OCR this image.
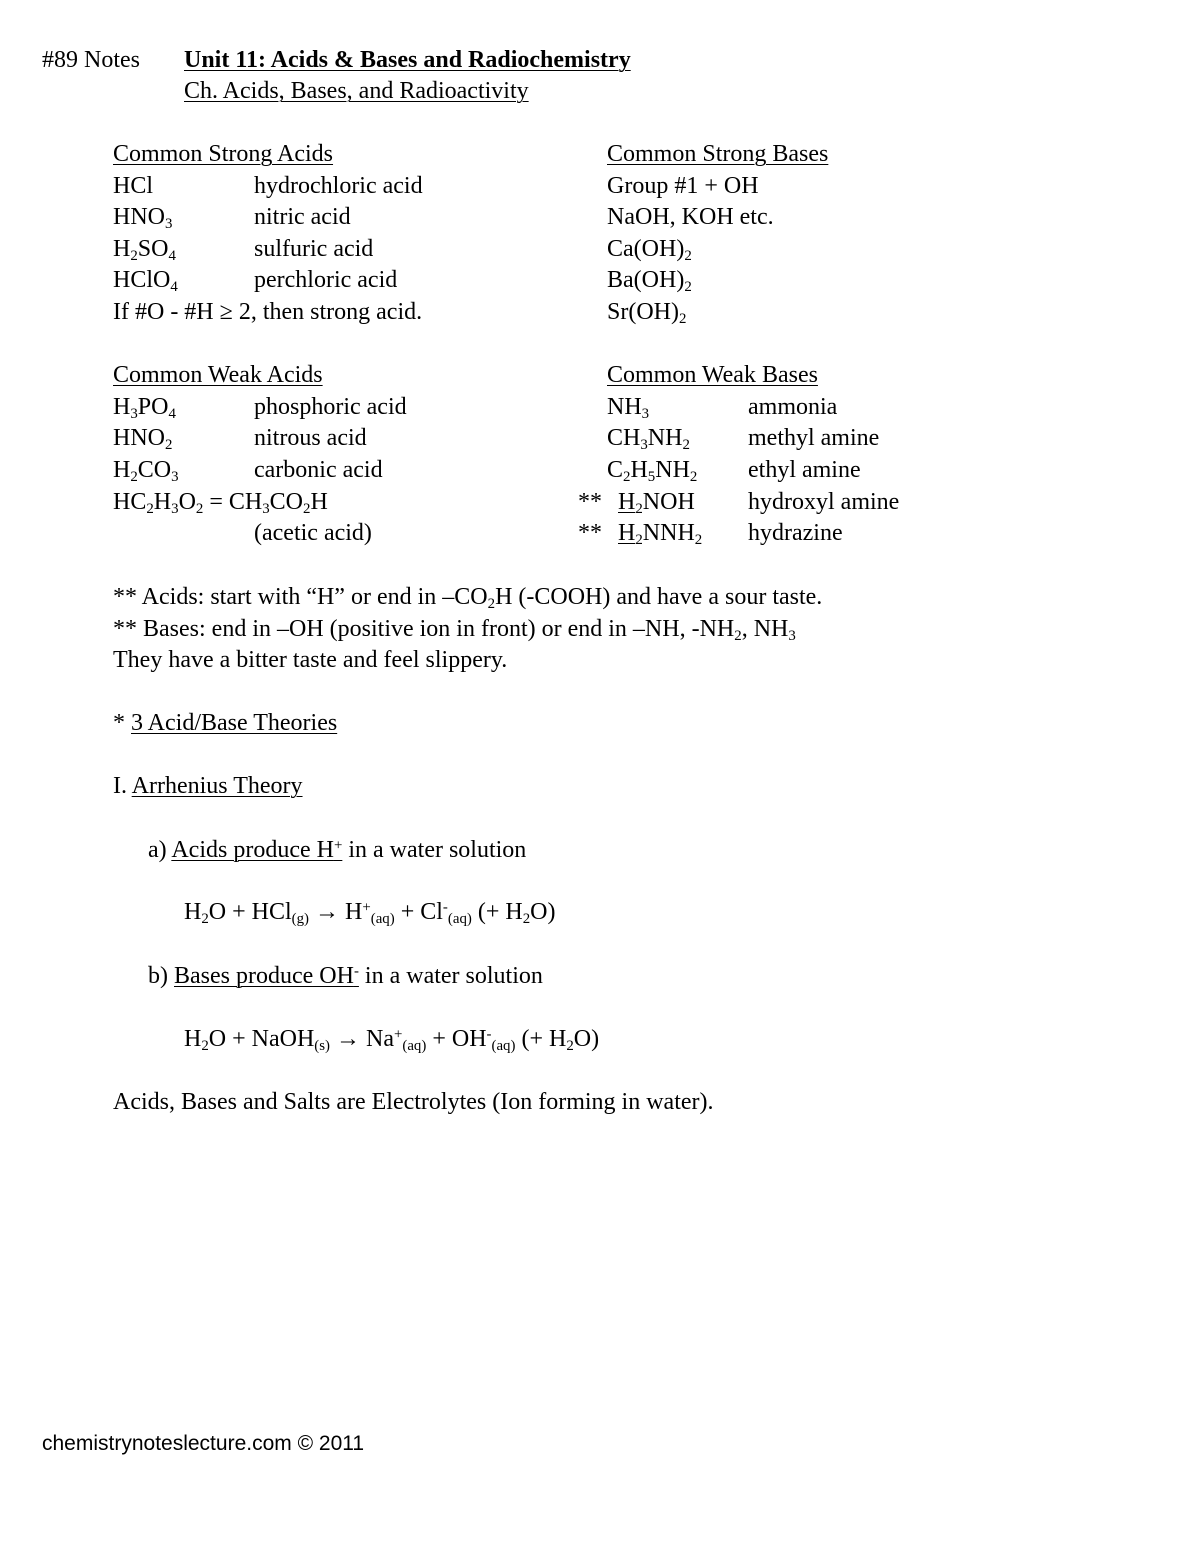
#89 Notes Unit 11: Acids & Bases and Radiochemistry
Ch. Acids, Bases, and Radioactivity
Common Strong Acids
HCl	hydrochloric acid
$HNO_3$	nitric acid
$H_2SO_4$	sulfuric acid
HClO$_4$	perchloric acid
If #O - #H ≥ 2, then strong acid.
Common Strong Bases
Group #1 + OH
NaOH, KOH etc.
$Ca(OH)_2$
$Ba(OH)_2$
$Sr(OH)_2$
Common Weak Acids
$H_3PO_4$	phosphoric acid
$HNO_2$	nitrous acid
$H_2CO_3$	carbonic acid
$HC_2H_3O_2 = CH_3CO_2H$
(acetic acid)
Common Weak Bases
$NH_3$	ammonia
$CH_3NH_2$ methyl amine
$C_2H_5NH_2$ ethyl amine
** $H_2NOH$ hydroxyl amine
** $H_2NNH_2$ hydrazine
** Acids: start with “H” or end in $-CO_2H$ (-COOH) and have a sour taste.
** Bases: end in –OH (positive ion in front) or end in –NH, $-NH_2$, $NH_3$
They have a bitter taste and feel slippery.
* 3 Acid/Base Theories
I. Arrhenius Theory
a) Acids produce H+ in a water solution
$H_2O + HCl_{(g)} \to H^+_{(aq)} + Cl^-_{(aq)}$ (+ $H_2O$)
b) Bases produce OH- in a water solution
$H_2O$ + NaOH$_{(s)}$ → $Na^+_{(aq)} + OH^-_{(aq)}$ (+ $H_2O$)
Acids, Bases and Salts are Electrolytes (Ion forming in water).
chemistrynoteslecture.com © 2011
